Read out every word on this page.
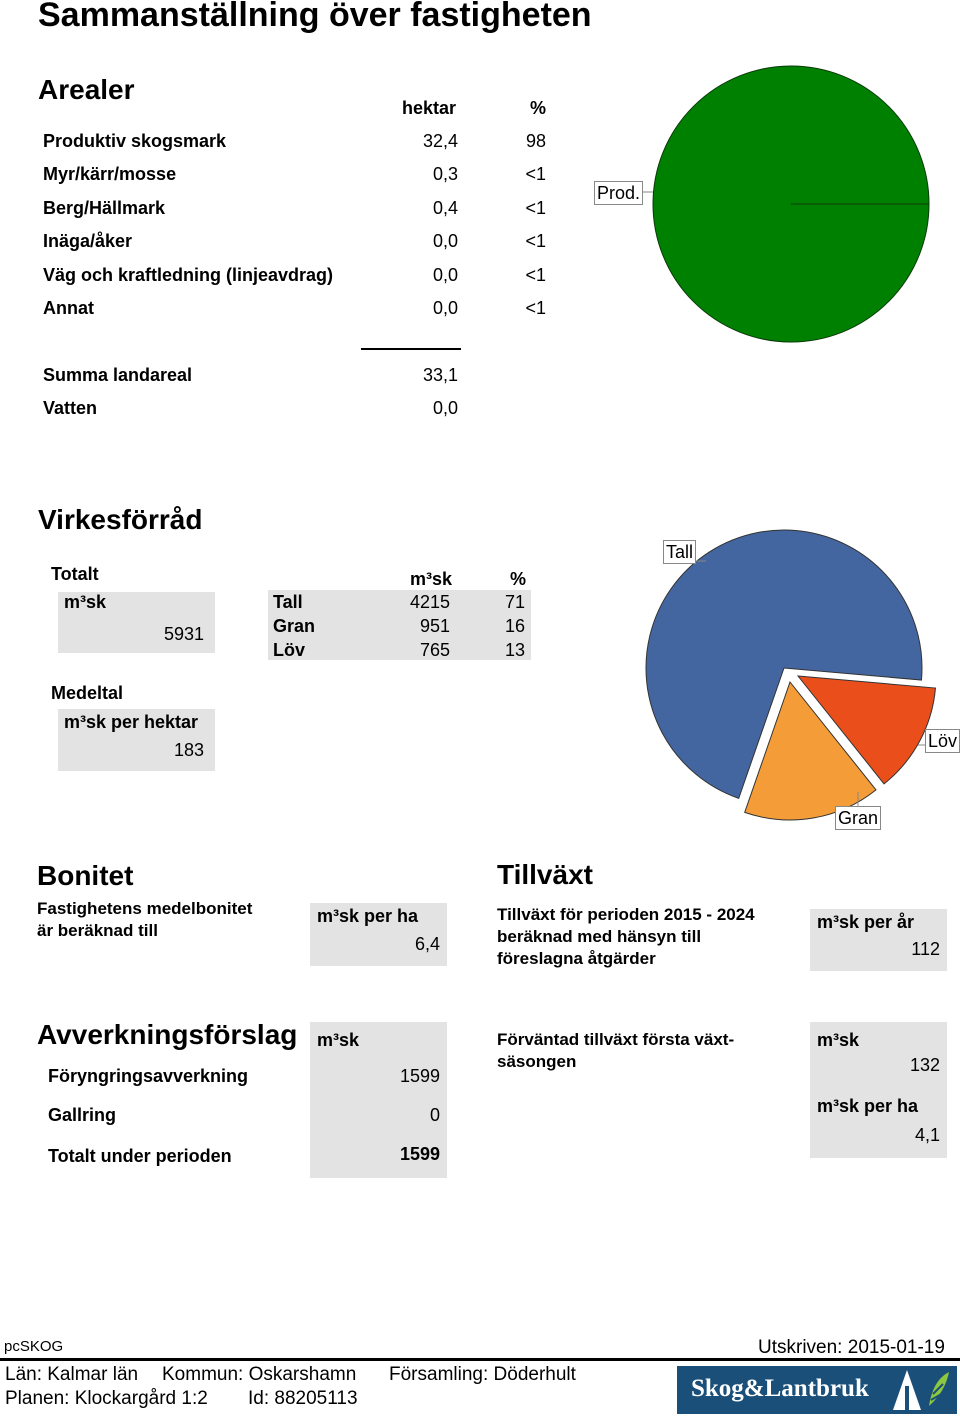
Sammanställning över fastigheten
Arealer
hektar	%
Produktiv skogsmark	32,4	98
Myr/kärr/mosse	0,3	<1
Berg/Hällmark	0,4	<1
Inäga/åker	0,0	<1
Väg och kraftledning (linjeavdrag)	0,0	<1
Annat	0,0	<1
Summa landareal	33,1
Vatten	0,0
Prod.
Virkesförråd
Totalt
m³sk
5931
m³sk	%
Tall	4215	71
Gran	951	16
Löv	765	13
Medeltal
m³sk per hektar
183
Tall
Löv
Gran
Bonitet
Fastighetens medelbonitet
är beräknad till
m³sk per ha
6,4
Tillväxt
Tillväxt för perioden 2015 - 2024
beräknad med hänsyn till
föreslagna åtgärder
m³sk per år
112
Avverkningsförslag m³sk
Föryngringsavverkning	1599
Gallring	0
Totalt under perioden	1599
Förväntad tillväxt första växt-
säsongen
m³sk
132
m³sk per ha
4,1
pcSKOG	Utskriven: 2015-01-19
Län: Kalmar län Kommun: Oskarshamn Församling: Döderhult
Planen: Klockargård 1:2 Id: 88205113	Skog&Lantbruk
